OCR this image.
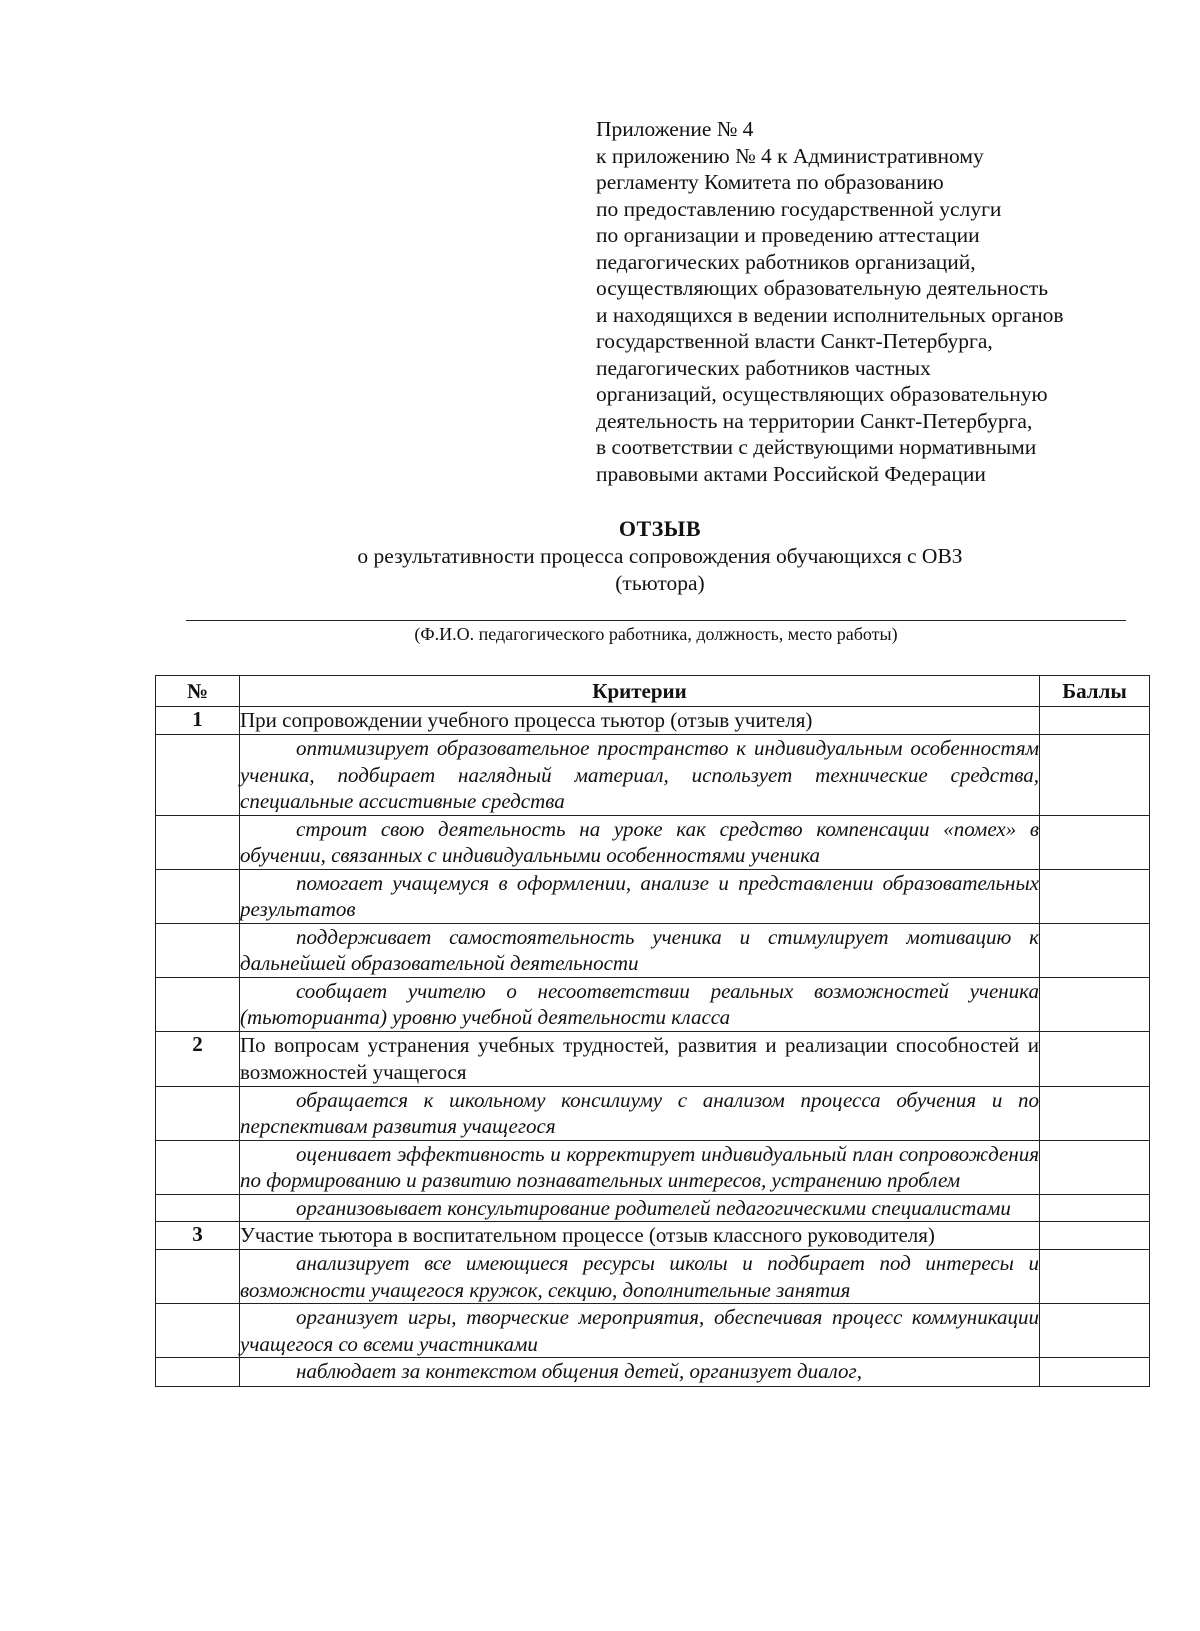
Приложение № 4
к приложению № 4 к Административному
регламенту Комитета по образованию
по предоставлению государственной услуги
по организации и проведению аттестации
педагогических работников организаций,
осуществляющих образовательную деятельность
и находящихся в ведении исполнительных органов
государственной власти Санкт-Петербурга,
педагогических работников частных
организаций, осуществляющих образовательную
деятельность на территории Санкт-Петербурга,
в соответствии с действующими нормативными
правовыми актами Российской Федерации
ОТЗЫВ
о результативности процесса сопровождения обучающихся с ОВЗ
(тьютора)
(Ф.И.О. педагогического работника, должность, место работы)
№	Критерии	Баллы
1	При сопровождении учебного процесса тьютор (отзыв учителя)	

	оптимизирует образовательное пространство к индивидуальным особенностям ученика, подбирает наглядный материал, использует технические средства, специальные ассистивные средства	

	строит свою деятельность на уроке как средство компенсации «помех» в обучении, связанных с индивидуальными особенностями ученика	

	помогает учащемуся в оформлении, анализе и представлении образовательных результатов	

	поддерживает самостоятельность ученика и стимулирует мотивацию к дальнейшей образовательной деятельности	

	сообщает учителю о несоответствии реальных возможностей ученика (тьюторианта) уровню учебной деятельности класса	

2	По вопросам устранения учебных трудностей, развития и реализации способностей и возможностей учащегося	

	обращается к школьному консилиуму с анализом процесса обучения и по перспективам развития учащегося	

	оценивает эффективность и корректирует индивидуальный план сопровождения по формированию и развитию познавательных интересов, устранению проблем	

	организовывает консультирование родителей педагогическими специалистами	

3	Участие тьютора в воспитательном процессе (отзыв классного руководителя)	

	анализирует все имеющиеся ресурсы школы и подбирает под интересы и возможности учащегося кружок, секцию, дополнительные занятия	

	организует игры, творческие мероприятия, обеспечивая процесс коммуникации учащегося со всеми участниками	

	наблюдает за контекстом общения детей, организует диалог,	
